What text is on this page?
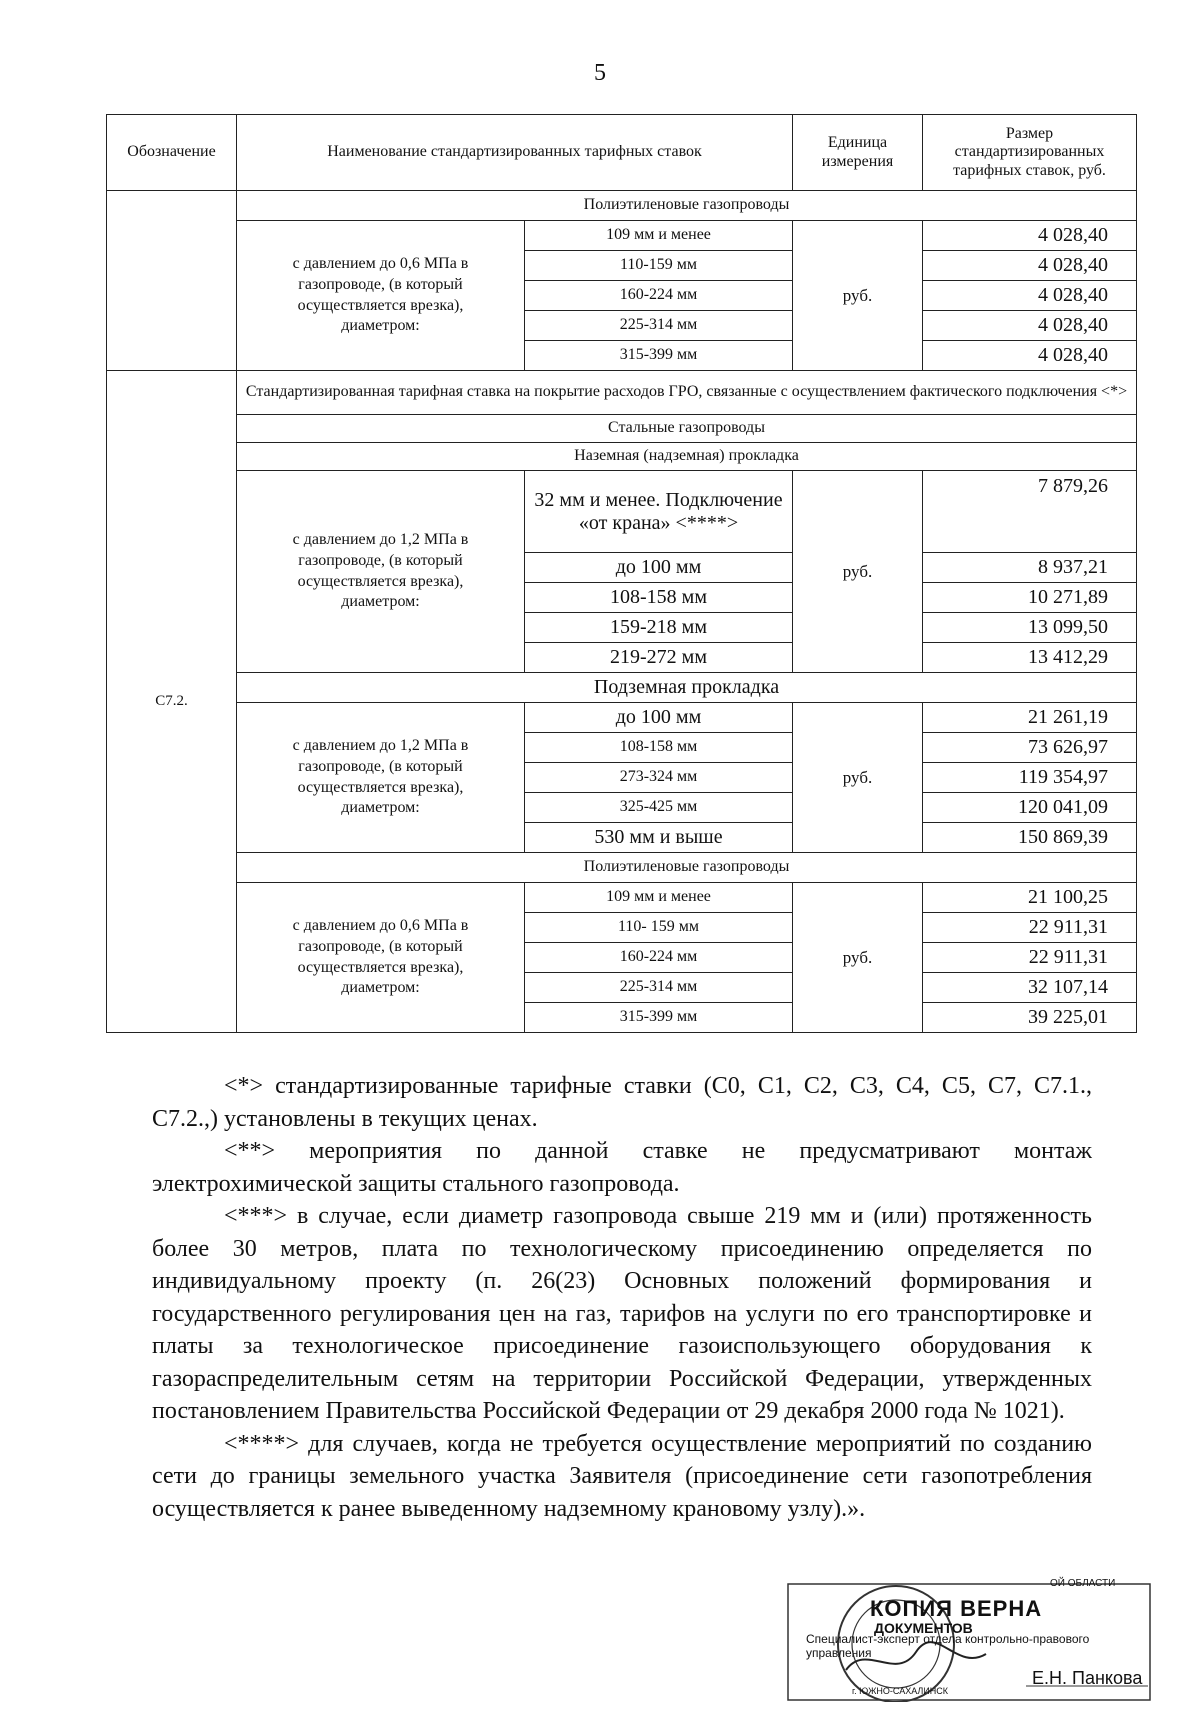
5
Обозначение	Наименование стандартизированных тарифных ставок		Единица измерения	Размер стандартизированных тарифных ставок, руб.
	Полиэтиленовые газопроводы			
	с давлением до 0,6 МПа в газопроводе, (в который осуществляется врезка), диаметром:	109 мм и менее	руб.	4 028,40
		110-159 мм		4 028,40
		160-224 мм		4 028,40
		225-314 мм		4 028,40
		315-399 мм		4 028,40
С7.2.	Стандартизированная тарифная ставка на покрытие расходов ГРО, связанные с осуществлением фактического подключения <*>			
	Стальные газопроводы			
	Наземная (надземная) прокладка			
	с давлением до 1,2 МПа в газопроводе, (в который осуществляется врезка), диаметром:	32 мм и менее. Подключение «от крана» <****>	руб.	7 879,26
		до 100 мм		8 937,21
		108-158 мм		10 271,89
		159-218 мм		13 099,50
		219-272 мм		13 412,29
	Подземная прокладка			
	с давлением до 1,2 МПа в газопроводе, (в который осуществляется врезка), диаметром:	до 100 мм	руб.	21 261,19
		108-158 мм		73 626,97
		273-324 мм		119 354,97
		325-425 мм		120 041,09
		530 мм и выше		150 869,39
	Полиэтиленовые газопроводы			
	с давлением до 0,6 МПа в газопроводе, (в который осуществляется врезка), диаметром:	109 мм и менее	руб.	21 100,25
		110- 159 мм		22 911,31
		160-224 мм		22 911,31
		225-314 мм		32 107,14
		315-399 мм		39 225,01

<*> стандартизированные тарифные ставки (С0, С1, С2, С3, С4, С5, С7, С7.1., С7.2.,) установлены в текущих ценах.

<**> мероприятия по данной ставке не предусматривают монтаж электрохимической защиты стального газопровода.

<***> в случае, если диаметр газопровода свыше 219 мм и (или) протяженность более 30 метров, плата по технологическому присоединению определяется по индивидуальному проекту (п. 26(23) Основных положений формирования и государственного регулирования цен на газ, тарифов на услуги по его транспортировке и платы за технологическое присоединение газоиспользующего оборудования к газораспределительным сетям на территории Российской Федерации, утвержденных постановлением Правительства Российской Федерации от 29 декабря 2000 года № 1021).

<****> для случаев, когда не требуется осуществление мероприятий по созданию сети до границы земельного участка Заявителя (присоединение сети газопотребления осуществляется к ранее выведенному надземному крановому узлу).».

ОЙ ОБЛАСТИ
КОПИЯ ВЕРНА
ДОКУМЕНТОВ
Специалист-эксперт отдела контрольно-правового управления
Е.Н. Панкова
г. ЮЖНО-САХАЛИНСК
